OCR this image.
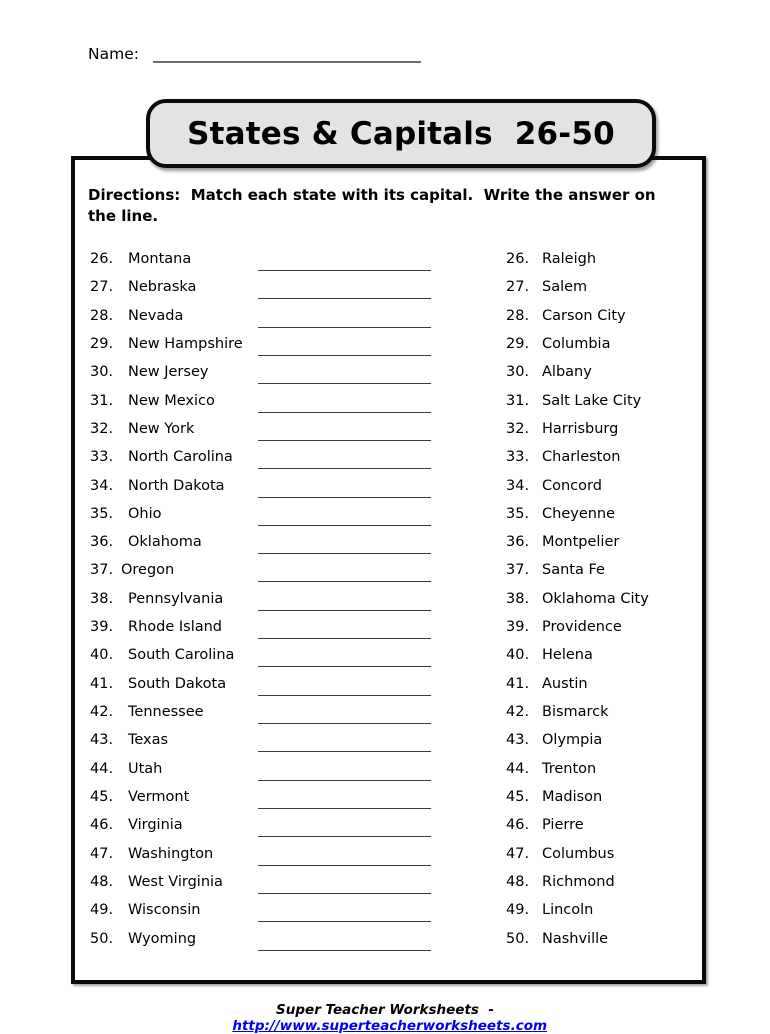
Name:
States & Capitals  26-50
Directions:  Match each state with its capital.  Write the answer on the line.
26.	Montana
27.	Nebraska
28.	Nevada
29.	New Hampshire
30.	New Jersey
31.	New Mexico
32.	New York
33.	North Carolina
34.	North Dakota
35.	Ohio
36.	Oklahoma
37. Oregon
38.	Pennsylvania
39.	Rhode Island
40.	South Carolina
41.	South Dakota
42.	Tennessee
43.	Texas
44.	Utah
45.	Vermont
46.	Virginia
47.	Washington
48.	West Virginia
49.	Wisconsin
50.	Wyoming
26. Raleigh
27. Salem
28. Carson City
29. Columbia
30. Albany
31. Salt Lake City
32. Harrisburg
33. Charleston
34. Concord
35. Cheyenne
36. Montpelier
37. Santa Fe
38. Oklahoma City
39. Providence
40. Helena
41. Austin
42. Bismarck
43. Olympia
44. Trenton
45. Madison
46. Pierre
47. Columbus
48. Richmond
49. Lincoln
50. Nashville

Super Teacher Worksheets  -
http://www.superteacherworksheets.com
